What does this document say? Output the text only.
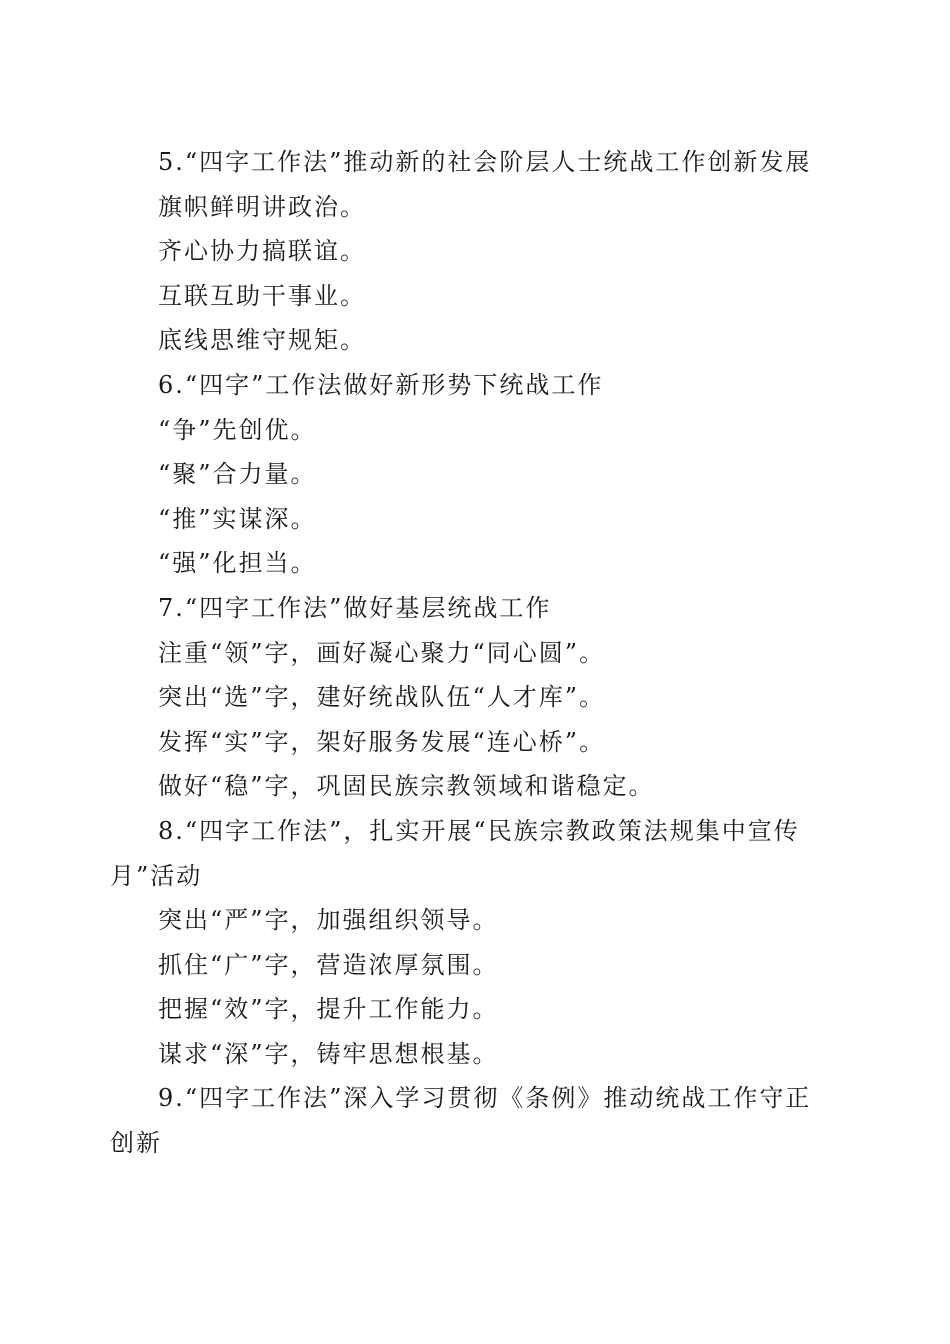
5.“四字工作法”推动新的社会阶层人士统战工作创新发展
旗帜鲜明讲政治。
齐心协力搞联谊。
互联互助干事业。
底线思维守规矩。
6.“四字”工作法做好新形势下统战工作
“争”先创优。
“聚”合力量。
“推”实谋深。
“强”化担当。
7.“四字工作法”做好基层统战工作
注重“领”字，画好凝心聚力“同心圆”。
突出“选”字，建好统战队伍“人才库”。
发挥“实”字，架好服务发展“连心桥”。
做好“稳”字，巩固民族宗教领域和谐稳定。
8.“四字工作法”，扎实开展“民族宗教政策法规集中宣传
月”活动
突出“严”字，加强组织领导。
抓住“广”字，营造浓厚氛围。
把握“效”字，提升工作能力。
谋求“深”字，铸牢思想根基。
9.“四字工作法”深入学习贯彻《条例》推动统战工作守正
创新
